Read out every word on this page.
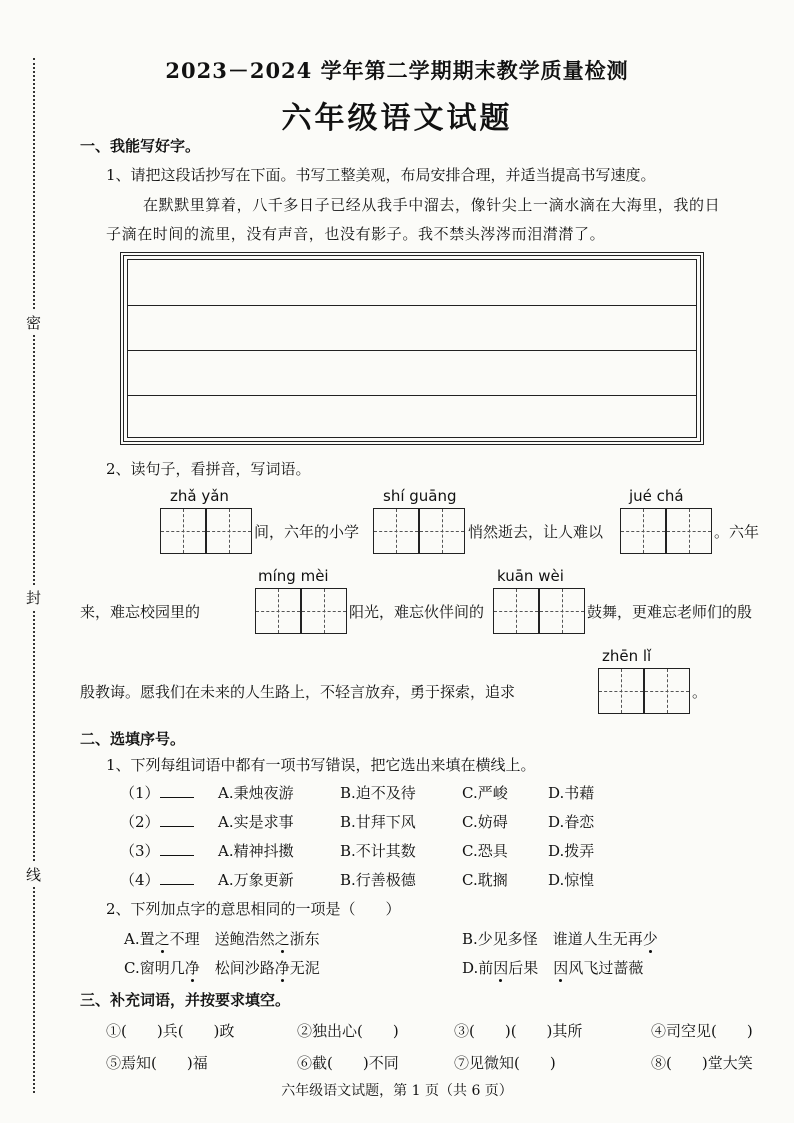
密
封
线
2023－2024 学年第二学期期末教学质量检测
六年级语文试题
一、我能写好字。
1、请把这段话抄写在下面。书写工整美观，布局安排合理，并适当提高书写速度。
在默默里算着，八千多日子已经从我手中溜去，像针尖上一滴水滴在大海里，我的日
子滴在时间的流里，没有声音，也没有影子。我不禁头涔涔而泪潸潸了。
2、读句子，看拼音，写词语。
zhǎ yǎn
间，六年的小学
shí guāng
悄然逝去，让人难以
jué chá
。六年
míng mèi
来，难忘校园里的	阳光，难忘伙伴间的
kuān wèi
鼓舞，更难忘老师们的殷
zhēn lǐ
殷教诲。愿我们在未来的人生路上，不轻言放弃，勇于探索，追求	。
二、选填序号。
1、下列每组词语中都有一项书写错误，把它选出来填在横线上。
（1）	A.秉烛夜游	B.迫不及待	C.严峻	D.书藉
（2）	A.实是求事	B.甘拜下风	C.妨碍	D.眷恋
（3）	A.精神抖擞	B.不计其数	C.恐具	D.拨弄
（4）	A.万象更新	B.行善极德	C.耽搁	D.惊惶
2、下列加点字的意思相同的一项是（　　）
A.置之不理　送鲍浩然之浙东	B.少见多怪　谁道人生无再少
C.窗明几净　松间沙路净无泥	D.前因后果　因风飞过蔷薇
三、补充词语，并按要求填空。
①(　　)兵(　　)政	②独出心(　　)	③(　　)(　　)其所	④司空见(　　)
⑤焉知(　　)福	⑥截(　　)不同	⑦见微知(　　)	⑧(　　)堂大笑
六年级语文试题，第 1 页（共 6 页）
